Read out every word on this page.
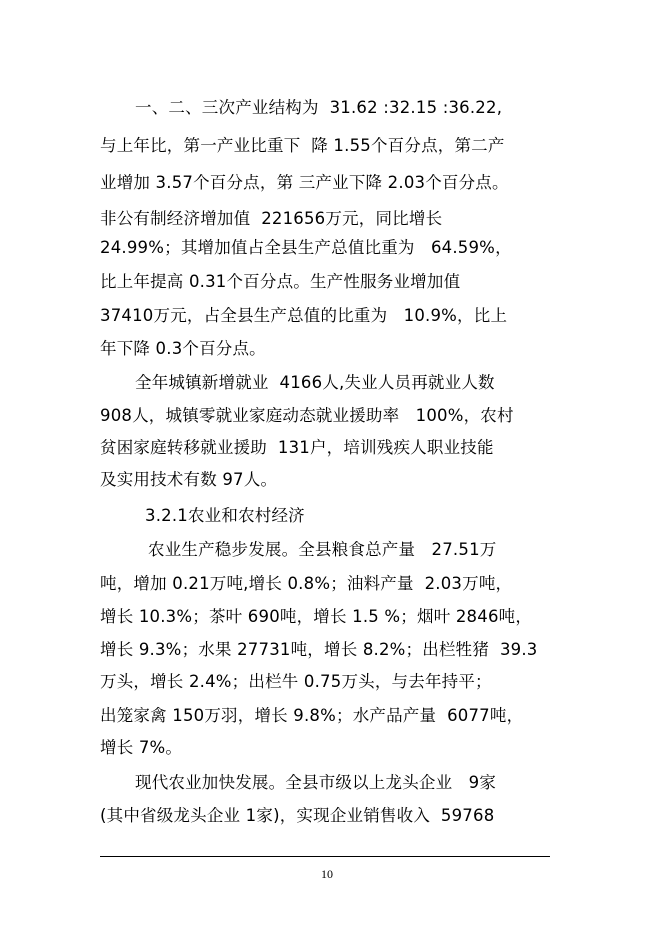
一、二、三次产业结构为  31.62 :32.15 :36.22,
与上年比，第一产业比重下  降 1.55个百分点，第二产
业增加 3.57个百分点，第 三产业下降 2.03个百分点。
非公有制经济增加值  221656万元，同比增长
24.99%；其增加值占全县生产总值比重为   64.59%，
比上年提高 0.31个百分点。生产性服务业增加值
37410万元，占全县生产总值的比重为   10.9%，比上
年下降 0.3个百分点。
全年城镇新增就业  4166人,失业人员再就业人数
908人，城镇零就业家庭动态就业援助率   100%，农村
贫困家庭转移就业援助  131户，培训残疾人职业技能
及实用技术有数 97人。
3.2.1农业和农村经济
农业生产稳步发展。全县粮食总产量   27.51万
吨，增加 0.21万吨,增长 0.8%；油料产量  2.03万吨，
增长 10.3%；茶叶 690吨，增长 1.5 %；烟叶 2846吨，
增长 9.3%；水果 27731吨，增长 8.2%；出栏牲猪  39.3
万头，增长 2.4%；出栏牛 0.75万头，与去年持平；
出笼家禽 150万羽，增长 9.8%；水产品产量  6077吨，
增长 7%。
现代农业加快发展。全县市级以上龙头企业   9家
(其中省级龙头企业 1家)，实现企业销售收入  59768
10
